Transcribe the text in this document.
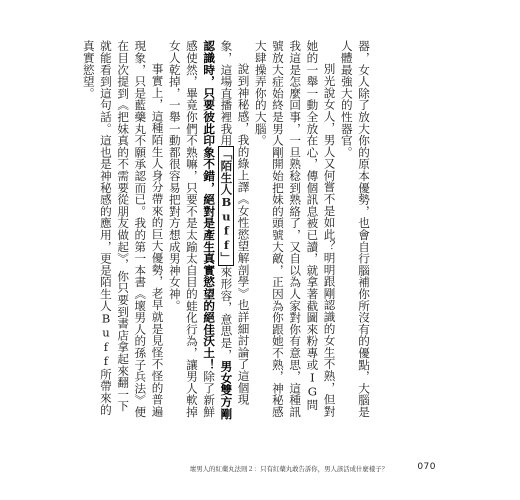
器，女人除了放大你的原本優勢，也會自行腦補你所沒有的優點，大腦是人體最強大的性器官。

別光說女人，男人又何嘗不是如此？明明跟剛認識的女生不熟，但對她的一舉一動全放在心，傳個訊息被已讀，就拿著截圖來粉專或IG問我這是怎麼回事，一旦熟稔到熟絡了，又自以為人家對你有意思，這種訊號放大症始終是男人剛開始把妹的頭號大敵，正因為你跟她不熟，神秘感大肆操弄你的大腦。

說到神秘感，我的綠上譯《女性慾望解剖學》也詳細討論了這個現象，這場直播裡我用「陌生人Buff」來形容，意思是，男女雙方剛認識時，只要彼此印象不錯，絕對是產生真實慾望的絕佳沃土！除了新鮮感使然，畢竟你們不熟嘛，只要不是太踰太自目的蛙化行為，讓男人軟掉女人乾掉，一舉一動都很容易把對方想成男神女神。

事實上，這種陌生人身分帶來的巨大優勢，老早就是見怪不怪的普遍現象，只是藍藥丸不願承認而已。我的第一本書《壞男人的孫子兵法》便在目次提到《把妹真的不需要從朋友做起》，你只要到書店拿起來翻一下就能看到這句話。這也是神秘感的應用，更是陌生人Buff所帶來的真實慾望。

壞男人的紅藥丸法則２：只有紅藥丸敢告訴你，男人該活成什麼樣子？	070
